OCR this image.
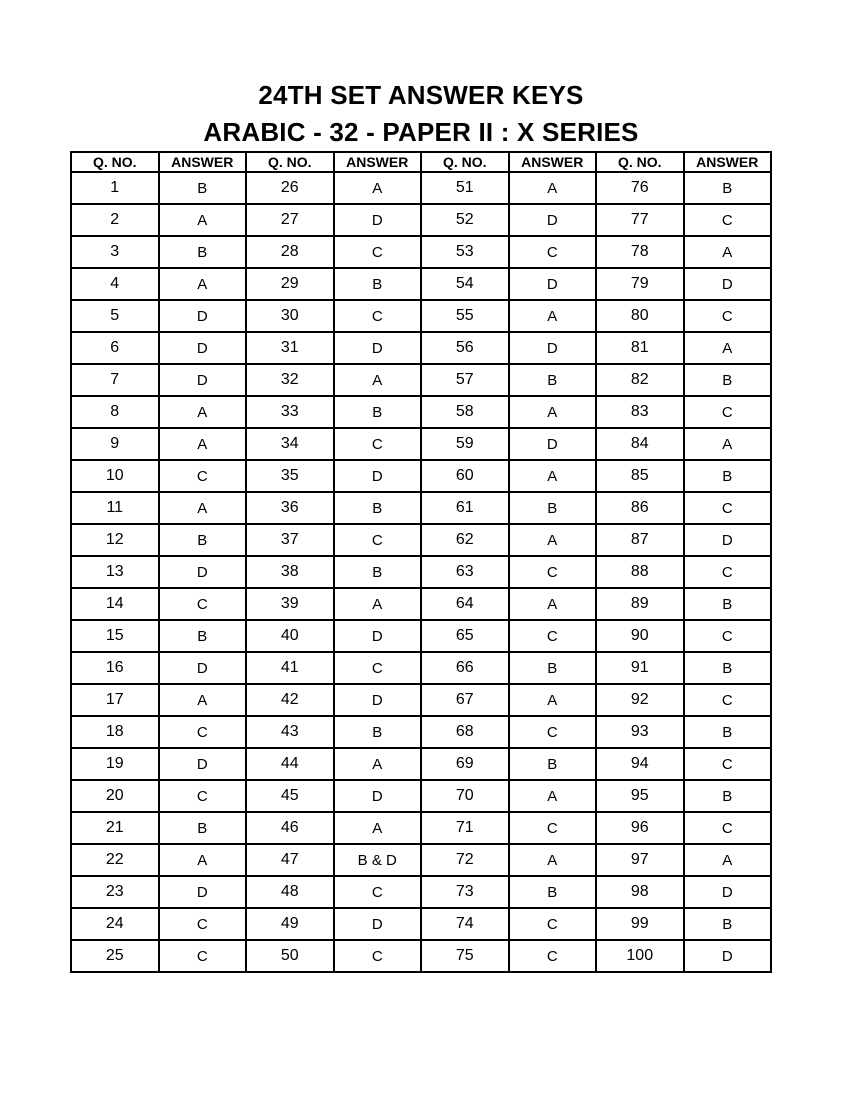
24TH SET ANSWER KEYS
ARABIC - 32 - PAPER II : X SERIES
Q. NO.	ANSWER	Q. NO.	ANSWER	Q. NO.	ANSWER	Q. NO.	ANSWER
1	B	26	A	51	A	76	B
2	A	27	D	52	D	77	C
3	B	28	C	53	C	78	A
4	A	29	B	54	D	79	D
5	D	30	C	55	A	80	C
6	D	31	D	56	D	81	A
7	D	32	A	57	B	82	B
8	A	33	B	58	A	83	C
9	A	34	C	59	D	84	A
10	C	35	D	60	A	85	B
11	A	36	B	61	B	86	C
12	B	37	C	62	A	87	D
13	D	38	B	63	C	88	C
14	C	39	A	64	A	89	B
15	B	40	D	65	C	90	C
16	D	41	C	66	B	91	B
17	A	42	D	67	A	92	C
18	C	43	B	68	C	93	B
19	D	44	A	69	B	94	C
20	C	45	D	70	A	95	B
21	B	46	A	71	C	96	C
22	A	47	B & D	72	A	97	A
23	D	48	C	73	B	98	D
24	C	49	D	74	C	99	B
25	C	50	C	75	C	100	D
